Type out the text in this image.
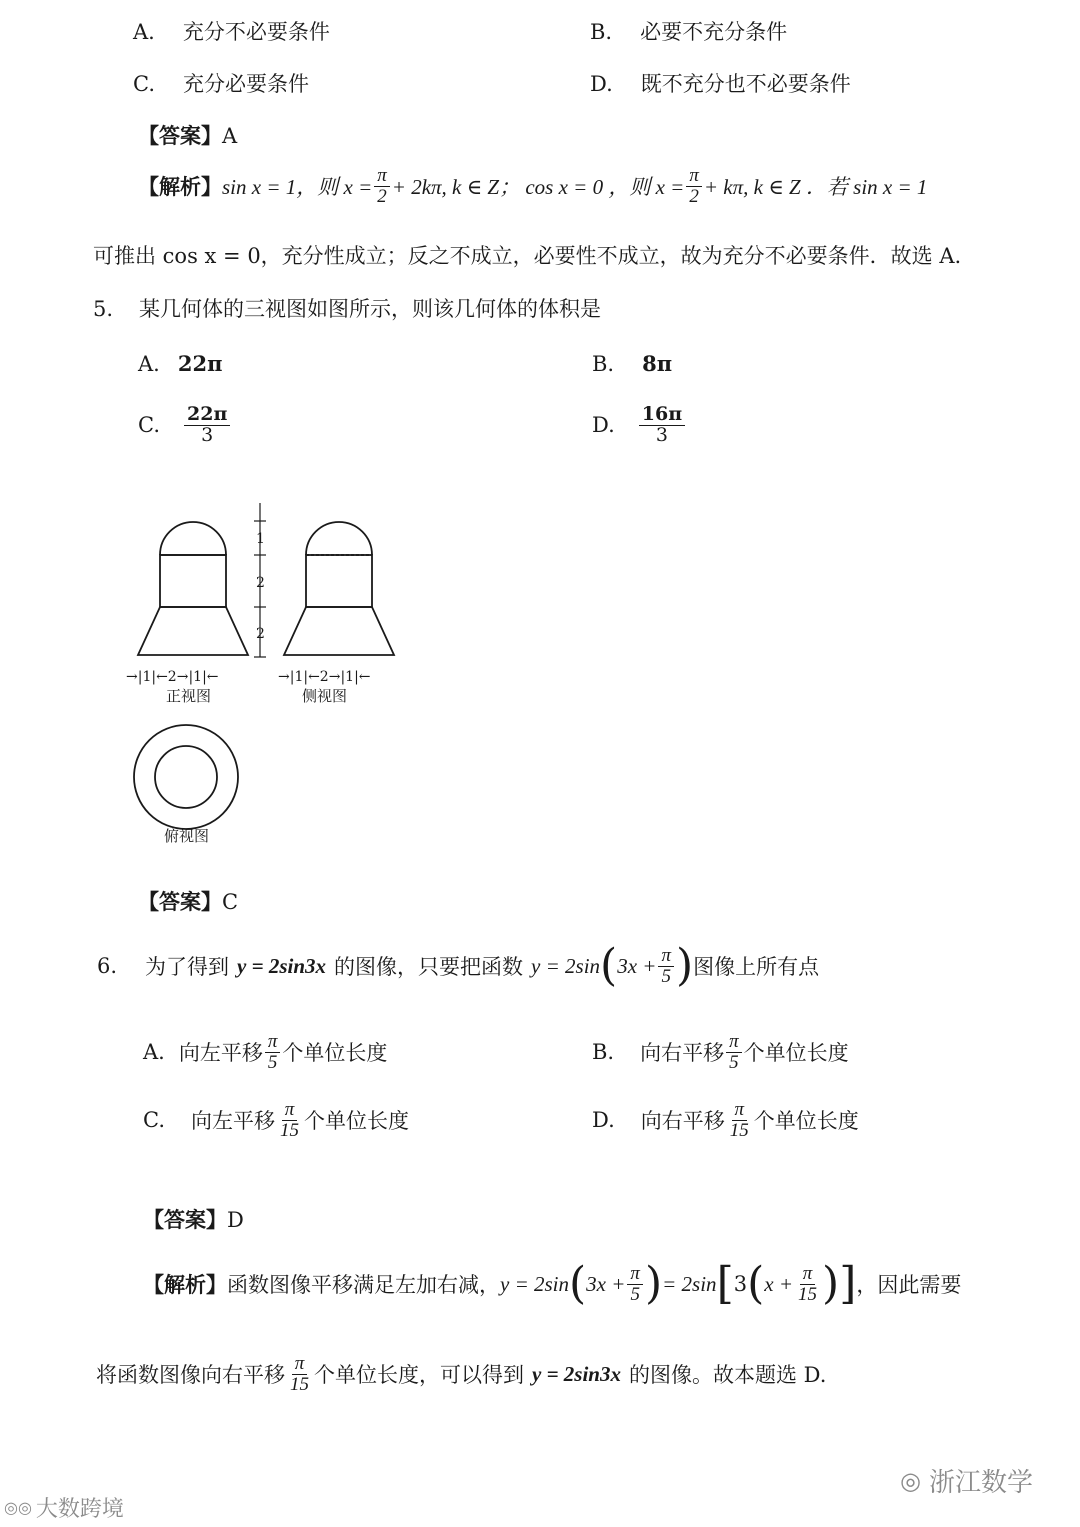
A. 充分不必要条件	B. 必要不充分条件
C. 充分必要条件	D. 既不充分也不必要条件
【答案】A
【解析】 sin x = 1，则 $x = \frac{\pi}{2} + 2k\pi$, k ∈ Z； cos x = 0 ，则 $x = \frac{\pi}{2} + k\pi$, k ∈ Z ．若 sin x = 1
可推出 cos x = 0，充分性成立；反之不成立，必要性不成立，故为充分不必要条件．故选 A.
5. 某几何体的三视图如图所示，则该几何体的体积是
A. 22π	B. 8π
C. $\frac{22\pi}{3}$	D. $\frac{16\pi}{3}$
1
2
2
→|1|←2→|1|←	→|1|←2→|1|←
正视图	侧视图
俯视图
【答案】C
6. 为了得到 y = 2sin3x 的图像，只要把函数 y = 2sin ( $3x + \frac{\pi}{5}$ ) 图像上所有点
A. 向左平移 $\frac{\pi}{5}$ 个单位长度	B. 向右平移 $\frac{\pi}{5}$ 个单位长度
C. 向左平移 $\frac{\pi}{15}$ 个单位长度	D. 向右平移 $\frac{\pi}{15}$ 个单位长度
【答案】D
【解析】 函数图像平移满足左加右减， y = 2sin ( $3x + \frac{\pi}{5}$ ) = 2sin [ 3 ( $x + \frac{\pi}{15}$ ) ] ，因此需要
将函数图像向右平移 $\frac{\pi}{15}$ 个单位长度，可以得到 y = 2sin3x 的图像。故本题选 D.
◎◎ 大数跨境
◎ 浙江数学
